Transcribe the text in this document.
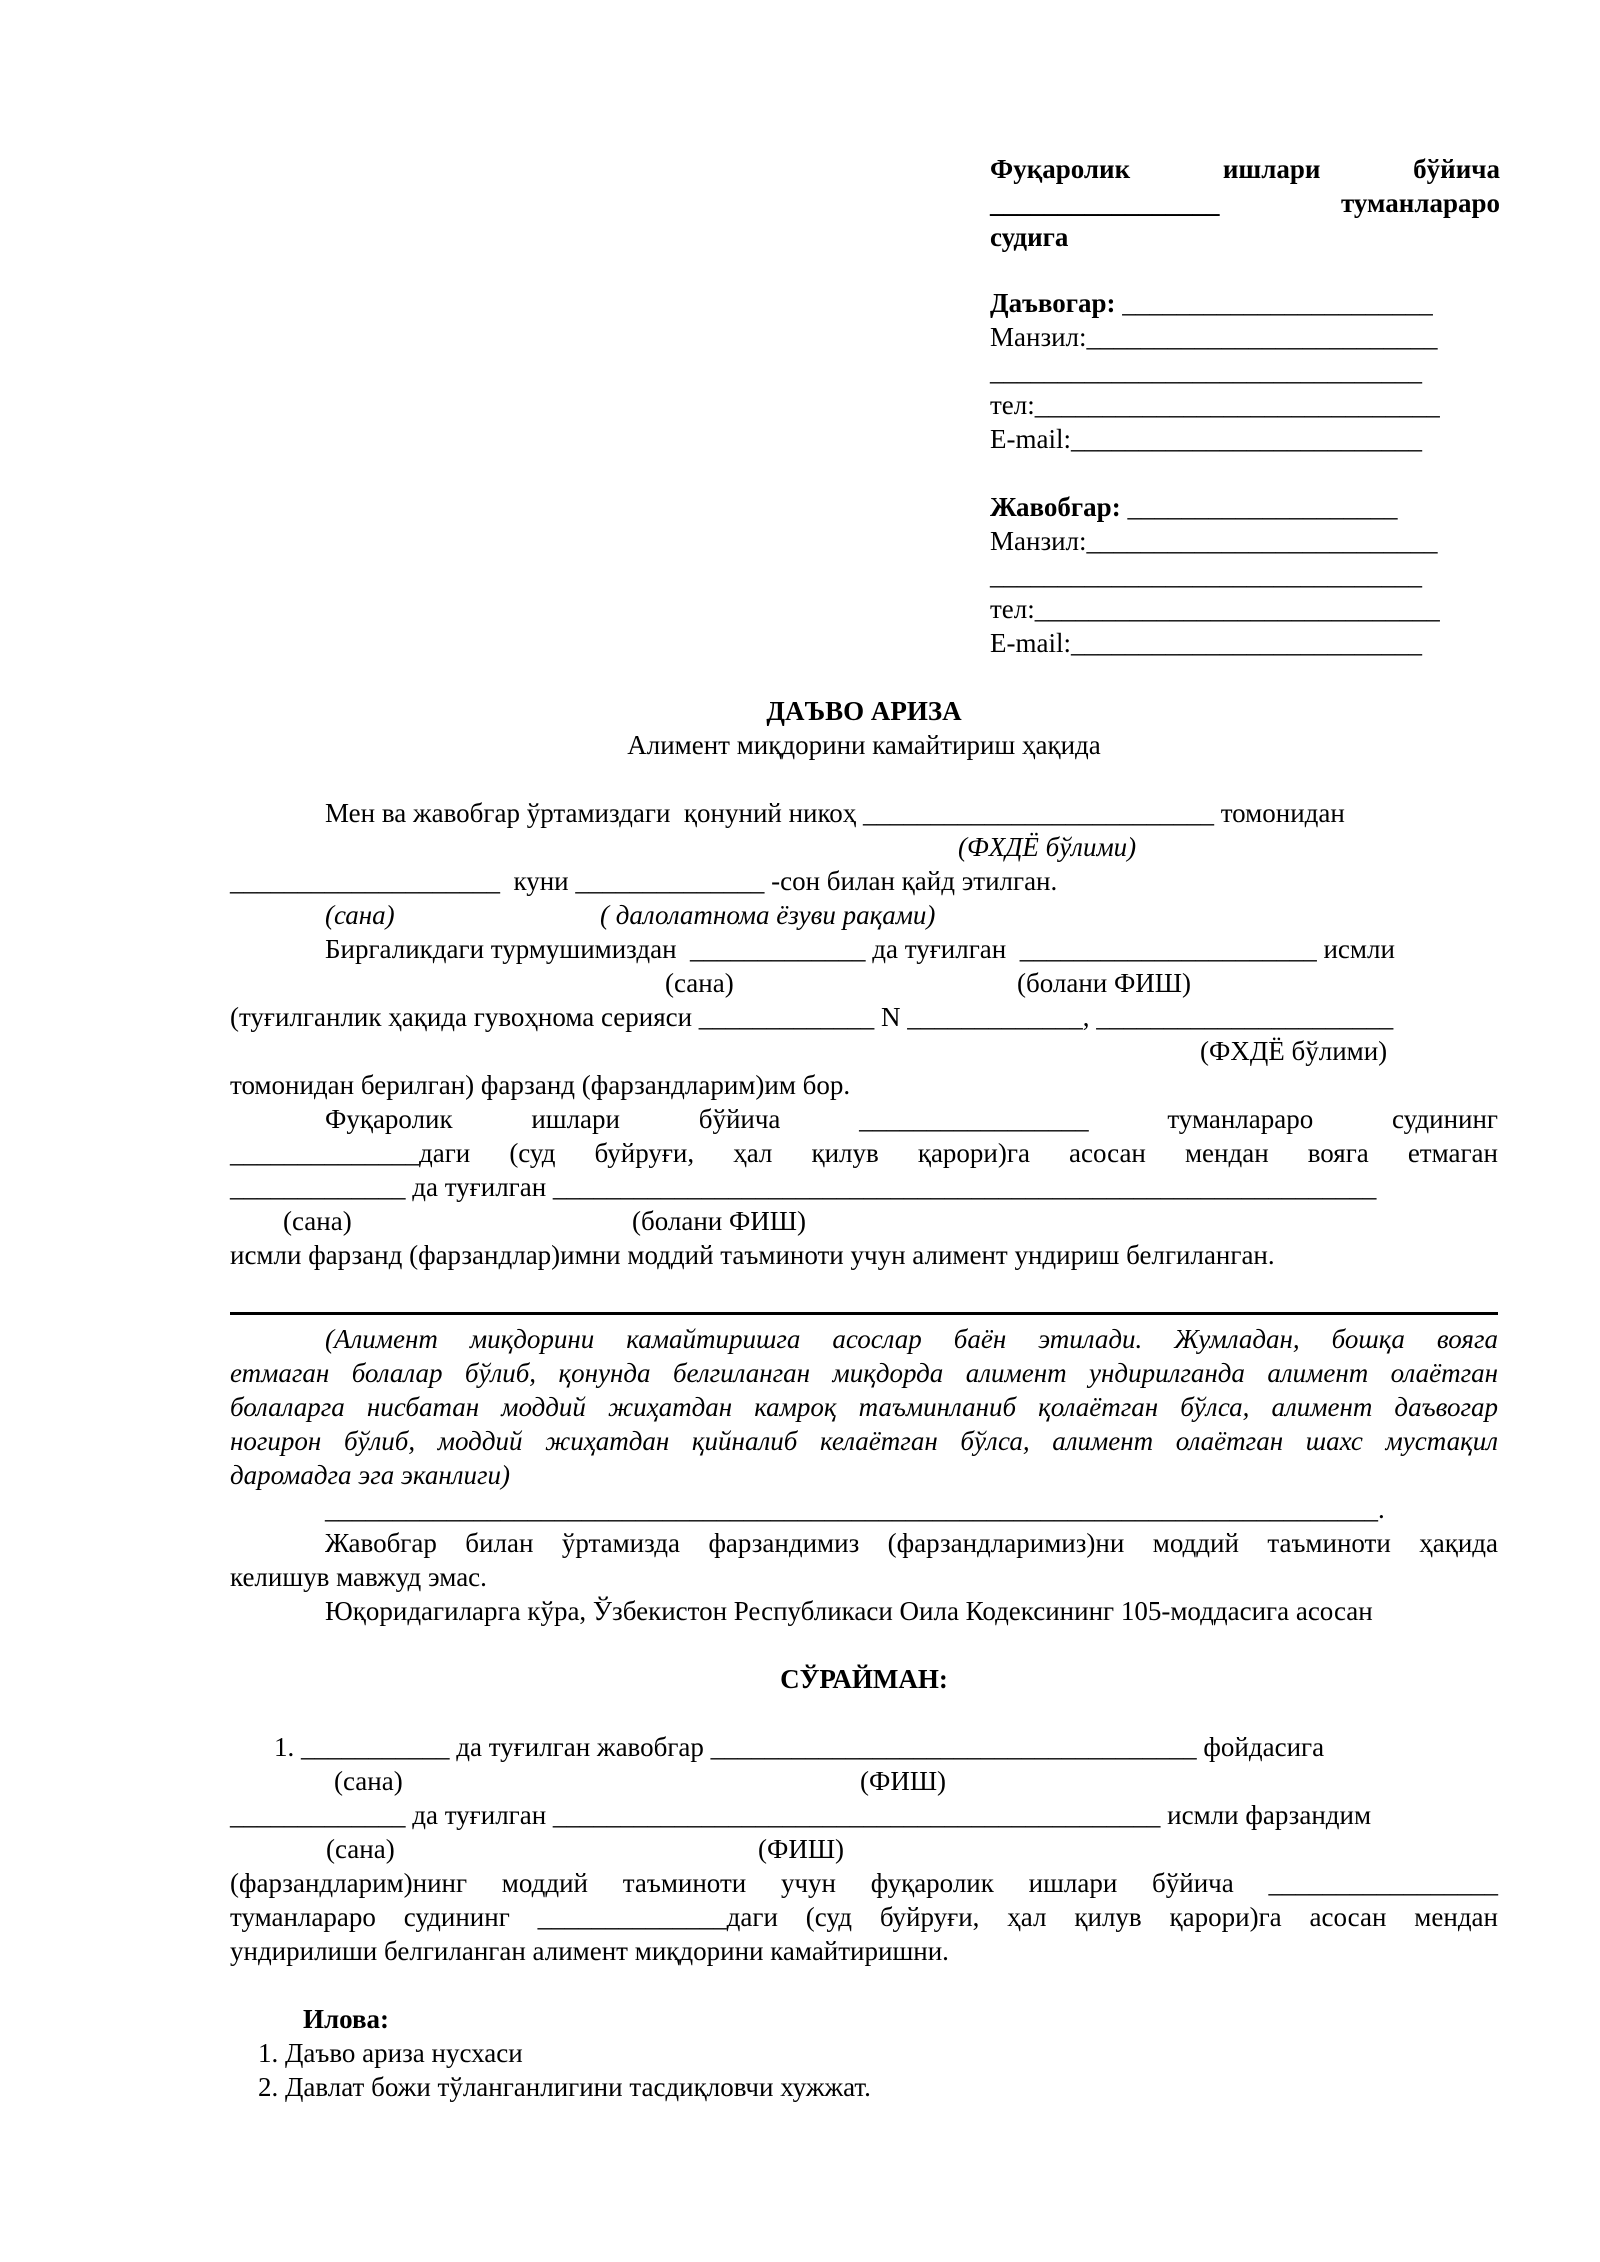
Фуқаролик ишлари бўйича

_________________	туманлараро

судига

Даъвогар: _______________________

Манзил:__________________________

________________________________

тел:______________________________

E-mail:__________________________

Жавобгар: ____________________

Манзил:__________________________

________________________________

тел:______________________________

E-mail:__________________________

ДАЪВО АРИЗА

Алимент миқдорини камайтириш ҳақида

Мен ва жавобгар ўртамиздаги  қонуний никоҳ __________________________ томонидан

(ФХДЁ бўлими)

____________________  куни ______________ -сон билан қайд этилган.

(сана)	( далолатнома ёзуви рақами)

Биргаликдаги турмушимиздан  _____________ да туғилган  ______________________ исмли

(сана)	(болани ФИШ)

(туғилганлик ҳақида гувоҳнома серияси _____________ N _____________, ______________________

(ФХДЁ бўлими)

томонидан берилган) фарзанд (фарзандларим)им бор.

Фуқаролик ишлари бўйича _________________ туманлараро судининг

______________даги (суд буйруғи, ҳал қилув қарори)га асосан мендан вояга етмаган

_____________ да туғилган _____________________________________________________________

(сана)	(болани ФИШ)

исмли фарзанд (фарзандлар)имни моддий таъминоти учун алимент ундириш белгиланган.

(Алимент миқдорини камайтиришга асослар баён этилади. Жумладан, бошқа вояга

етмаган болалар бўлиб, қонунда белгиланган миқдорда алимент ундирилганда алимент олаётган

болаларга нисбатан моддий жиҳатдан камроқ таъминланиб қолаётган бўлса, алимент даъвогар

ногирон бўлиб, моддий жиҳатдан қийналиб келаётган бўлса, алимент олаётган шахс мустақил

даромадга эга эканлиги)

______________________________________________________________________________.

Жавобгар билан ўртамизда фарзандимиз (фарзандларимиз)ни моддий таъминоти ҳақида

келишув мавжуд эмас.

Юқоридагиларга кўра, Ўзбекистон Республикаси Оила Кодексининг 105-моддасига асосан

СЎРАЙМАН:

1. ___________ да туғилган жавобгар ____________________________________ фойдасига

(сана)	(ФИШ)

_____________ да туғилган _____________________________________________ исмли фарзандим

(сана)	(ФИШ)

(фарзандларим)нинг моддий таъминоти учун фуқаролик ишлари бўйича _________________

туманлараро судининг ______________даги (суд буйруғи, ҳал қилув қарори)га асосан мендан

ундирилиши белгиланган алимент миқдорини камайтиришни.

Илова:

1. Даъво ариза нусхаси

2. Давлат божи тўланганлигини тасдиқловчи хужжат.
